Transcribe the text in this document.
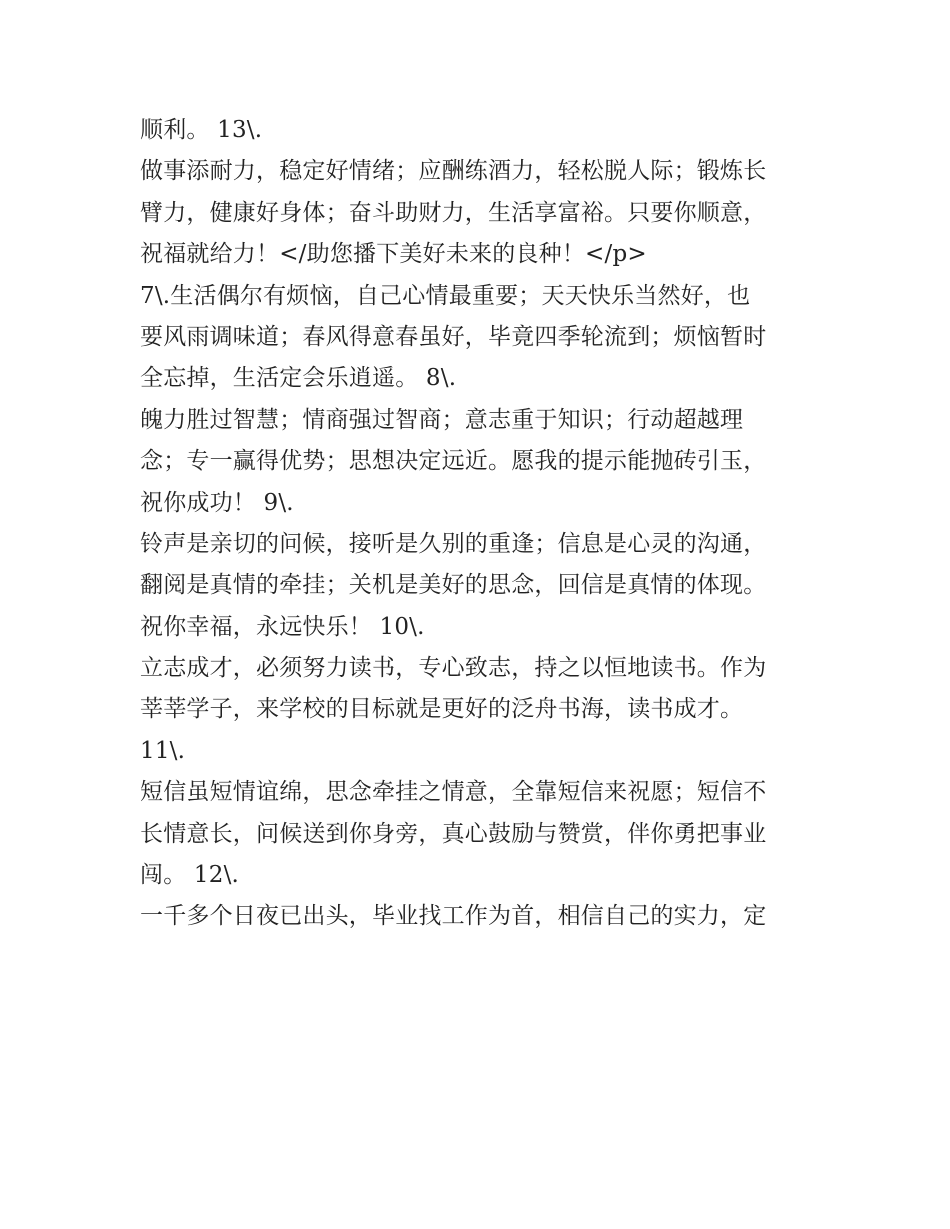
顺利。 13\.
做事添耐力，稳定好情绪；应酬练酒力，轻松脱人际；锻炼长
臂力，健康好身体；奋斗助财力，生活享富裕。只要你顺意，
祝福就给力！</助您播下美好未来的良种！</p>
7\.生活偶尔有烦恼，自己心情最重要；天天快乐当然好，也
要风雨调味道；春风得意春虽好，毕竟四季轮流到；烦恼暂时
全忘掉，生活定会乐逍遥。 8\.
魄力胜过智慧；情商强过智商；意志重于知识；行动超越理
念；专一赢得优势；思想决定远近。愿我的提示能抛砖引玉，
祝你成功！ 9\.
铃声是亲切的问候，接听是久别的重逢；信息是心灵的沟通，
翻阅是真情的牵挂；关机是美好的思念，回信是真情的体现。
祝你幸福，永远快乐！ 10\.
立志成才，必须努力读书，专心致志，持之以恒地读书。作为
莘莘学子，来学校的目标就是更好的泛舟书海，读书成才。
11\.
短信虽短情谊绵，思念牵挂之情意，全靠短信来祝愿；短信不
长情意长，问候送到你身旁，真心鼓励与赞赏，伴你勇把事业
闯。 12\.
一千多个日夜已出头，毕业找工作为首，相信自己的实力，定
